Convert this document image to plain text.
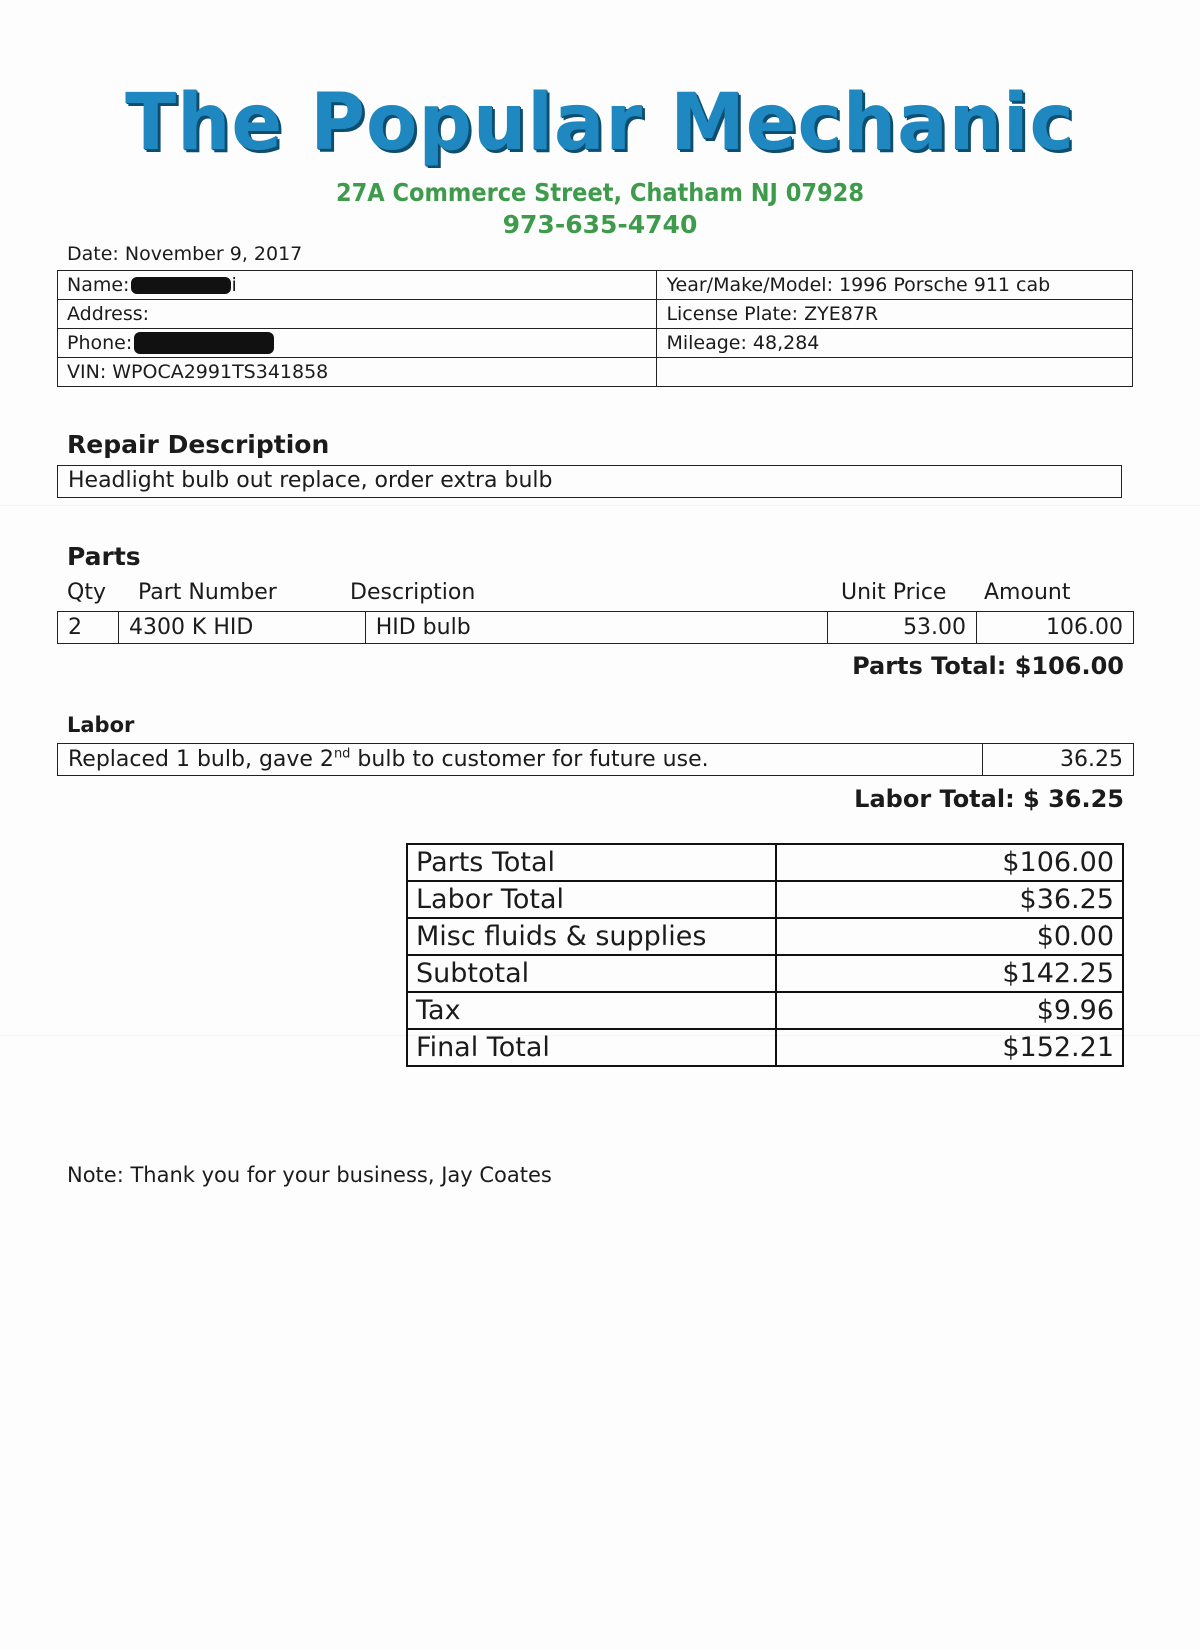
The Popular Mechanic
27A Commerce Street, Chatham NJ 07928
973-635-4740
Date: November 9, 2017
Name: i	Year/Make/Model: 1996 Porsche 911 cab
Address:	License Plate: ZYE87R
Phone:	Mileage: 48,284
VIN: WPOCA2991TS341858	
Repair Description
Headlight bulb out replace, order extra bulb
Parts
Qty Part Number	Description	Unit Price Amount
2	4300 K HID	HID bulb	53.00	106.00
Parts Total: $106.00
Labor
Replaced 1 bulb, gave 2nd bulb to customer for future use.	36.25
Labor Total: $ 36.25
Parts Total	$106.00
Labor Total	$36.25
Misc fluids & supplies	$0.00
Subtotal	$142.25
Tax	$9.96
Final Total	$152.21
Note: Thank you for your business, Jay Coates
